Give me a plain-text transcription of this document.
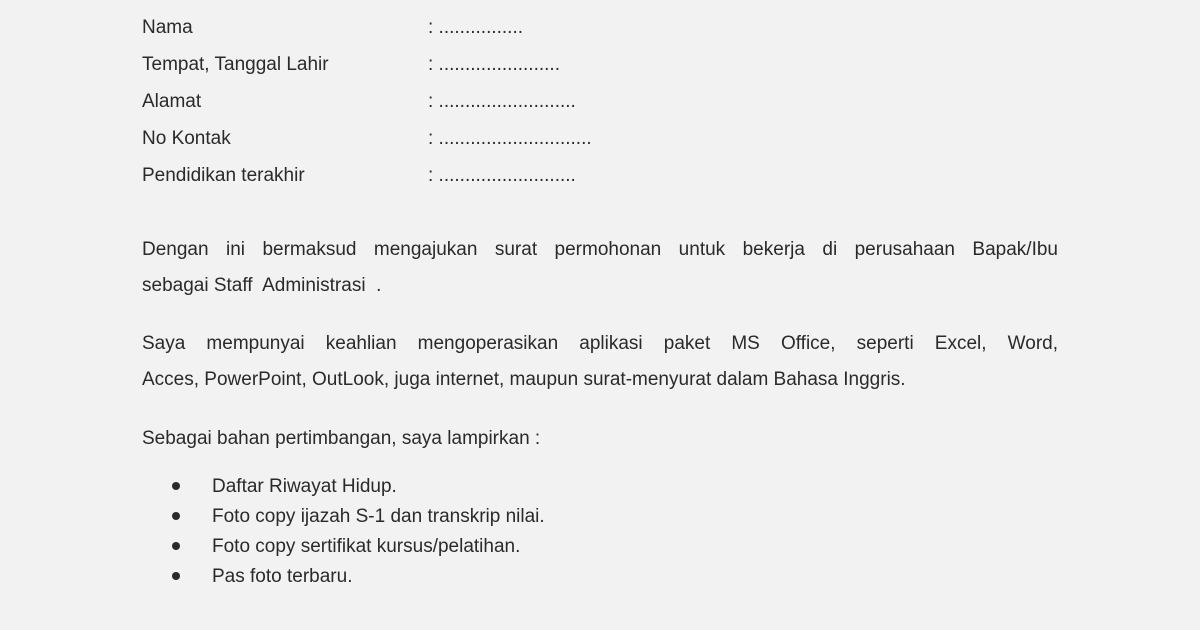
Nama	: ................
Tempat, Tanggal Lahir	: .......................
Alamat	: ..........................
No Kontak	: .............................
Pendidikan terakhir	: ..........................
Dengan ini bermaksud mengajukan surat permohonan untuk bekerja di perusahaan Bapak/Ibu
sebagai Staff  Administrasi  .
Saya mempunyai keahlian mengoperasikan aplikasi paket MS Office, seperti Excel, Word,
Acces, PowerPoint, OutLook, juga internet, maupun surat-menyurat dalam Bahasa Inggris.
Sebagai bahan pertimbangan, saya lampirkan :
Daftar Riwayat Hidup.
Foto copy ijazah S-1 dan transkrip nilai.
Foto copy sertifikat kursus/pelatihan.
Pas foto terbaru.
